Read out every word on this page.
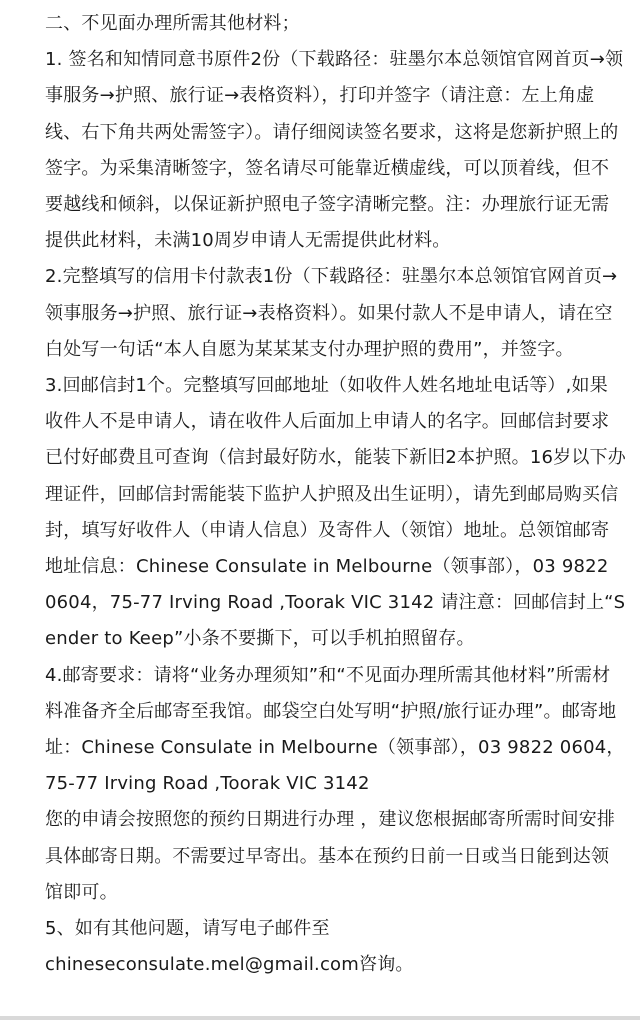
二、不见面办理所需其他材料；

1. 签名和知情同意书原件2份（下载路径：驻墨尔本总领馆官网首页→领事服务→护照、旅行证→表格资料），打印并签字（请注意：左上角虚线、右下角共两处需签字）。请仔细阅读签名要求，这将是您新护照上的签字。为采集清晰签字，签名请尽可能靠近横虚线，可以顶着线，但不要越线和倾斜，以保证新护照电子签字清晰完整。注：办理旅行证无需提供此材料，未满10周岁申请人无需提供此材料。

2.完整填写的信用卡付款表1份（下载路径：驻墨尔本总领馆官网首页→领事服务→护照、旅行证→表格资料）。如果付款人不是申请人，请在空白处写一句话“本人自愿为某某某支付办理护照的费用”，并签字。

3.回邮信封1个。完整填写回邮地址（如收件人姓名地址电话等）,如果收件人不是申请人，请在收件人后面加上申请人的名字。回邮信封要求已付好邮费且可查询（信封最好防水，能装下新旧2本护照。16岁以下办理证件，回邮信封需能装下监护人护照及出生证明），请先到邮局购买信封，填写好收件人（申请人信息）及寄件人（领馆）地址。总领馆邮寄地址信息：Chinese Consulate in Melbourne（领事部），03 9822 0604，75-77 Irving Road ,Toorak VIC 3142 请注意：回邮信封上“Sender to Keep”小条不要撕下，可以手机拍照留存。

4.邮寄要求：请将“业务办理须知”和“不见面办理所需其他材料”所需材料准备齐全后邮寄至我馆。邮袋空白处写明“护照/旅行证办理”。邮寄地址：Chinese Consulate in Melbourne（领事部），03 9822 0604，75-77 Irving Road ,Toorak VIC 3142

您的申请会按照您的预约日期进行办理 ，建议您根据邮寄所需时间安排具体邮寄日期。不需要过早寄出。基本在预约日前一日或当日能到达领馆即可。

5、如有其他问题，请写电子邮件至

chineseconsulate.mel@gmail.com咨询。
